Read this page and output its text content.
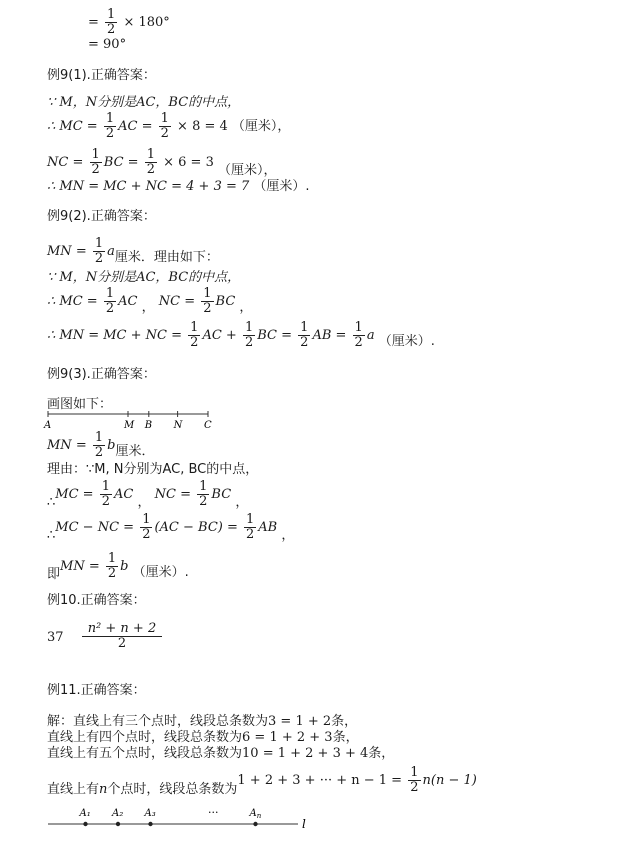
= $\frac{1}{2} \times 180^\circ$
= 90°
例9(1).正确答案：
∵ M，N分别是AC，BC的中点，
∴ MC = $\frac{1}{2}$ AC = $\frac{1}{2} \times 8 = 4$ （厘米），
NC = $\frac{1}{2}$ BC = $\frac{1}{2} \times 6 = 3$ （厘米），
∴ MN = MC + NC = 4 + 3 = 7 （厘米）.
例9(2).正确答案：
MN = $\frac{1}{2}$ a厘米．理由如下：
∵ M，N分别是AC，BC的中点，
∴ MC = $\frac{1}{2}$ AC ， NC = $\frac{1}{2}$ BC ，
∴ MN = MC + NC = $\frac{1}{2}$ AC + $\frac{1}{2}$ BC = $\frac{1}{2}$ AB = $\frac{1}{2}$ a （厘米）.
例9(3).正确答案：
画图如下：
A	M B N C
MN = $\frac{1}{2}$ b厘米．
理由：∵M, N分别为AC, BC的中点，
∴MC = $\frac{1}{2}$ AC ， NC = $\frac{1}{2}$ BC ，
∴MC − NC = $\frac{1}{2} (AC - BC) = \frac{1}{2}$ AB ，
即MN = $\frac{1}{2}$ b （厘米）.
例10.正确答案：
$37 \frac{\text{n² + n + 2}}{2}$
例11.正确答案：
解：直线上有三个点时，线段总条数为3 = 1 + 2条，
直线上有四个点时，线段总条数为6 = 1 + 2 + 3条，
直线上有五个点时，线段总条数为10 = 1 + 2 + 3 + 4条，
直线上有n个点时，线段总条数为1 + 2 + 3 + ··· + $n - 1 = \frac{1}{2} n(n - 1)$
A₁ A₂ A₃	$A_n$
···
l
